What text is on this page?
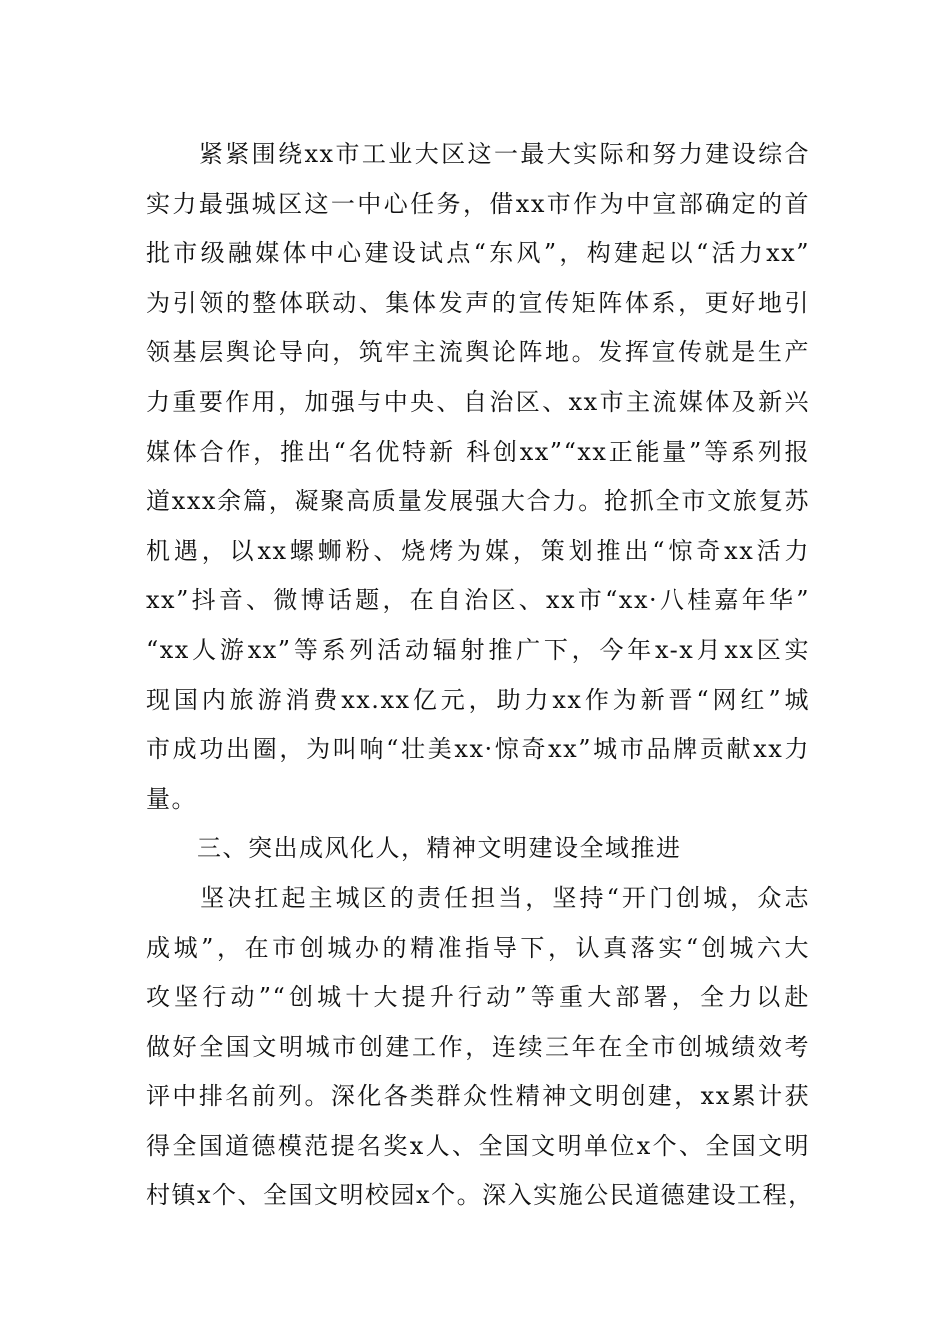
　　紧紧围绕xx市工业大区这一最大实际和努力建设综合
实力最强城区这一中心任务，借xx市作为中宣部确定的首
批市级融媒体中心建设试点“东风”，构建起以“活力xx”
为引领的整体联动、集体发声的宣传矩阵体系，更好地引
领基层舆论导向，筑牢主流舆论阵地。发挥宣传就是生产
力重要作用，加强与中央、自治区、xx市主流媒体及新兴
媒体合作，推出“名优特新 科创xx”“xx正能量”等系列报
道xxx余篇，凝聚高质量发展强大合力。抢抓全市文旅复苏
机遇，以xx螺蛳粉、烧烤为媒，策划推出“惊奇xx活力
xx”抖音、微博话题，在自治区、xx市“xx·八桂嘉年华”
“xx人游xx”等系列活动辐射推广下，今年x-x月xx区实
现国内旅游消费xx.xx亿元，助力xx作为新晋“网红”城
市成功出圈，为叫响“壮美xx·惊奇xx”城市品牌贡献xx力
量。
　　三、突出成风化人，精神文明建设全域推进
　　坚决扛起主城区的责任担当，坚持“开门创城，众志
成城”，在市创城办的精准指导下，认真落实“创城六大
攻坚行动”“创城十大提升行动”等重大部署，全力以赴
做好全国文明城市创建工作，连续三年在全市创城绩效考
评中排名前列。深化各类群众性精神文明创建，xx累计获
得全国道德模范提名奖x人、全国文明单位x个、全国文明
村镇x个、全国文明校园x个。深入实施公民道德建设工程，
